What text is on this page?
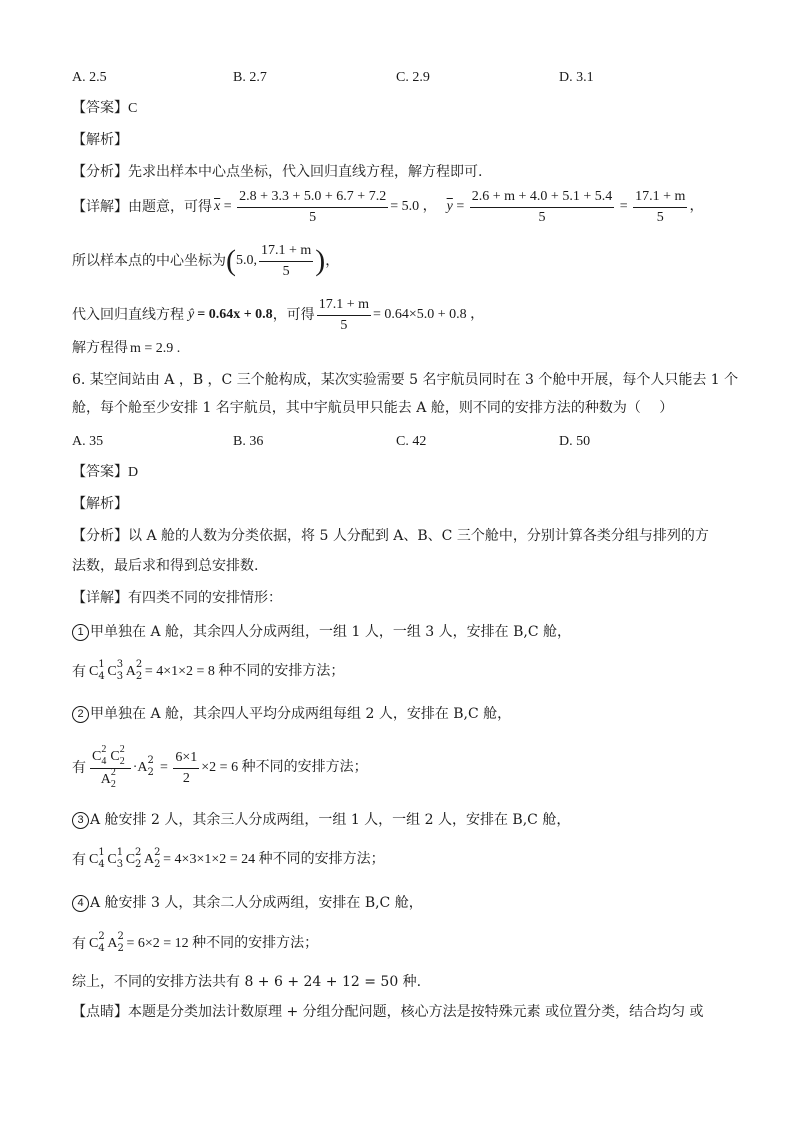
A. 2.5	B. 2.7	C. 2.9	D. 3.1
【答案】C
【解析】
【分析】先求出样本中心点坐标，代入回归直线方程，解方程即可.
【详解】 由题意，可得 $\overline{x} = \frac{2.8 + 3.3 + 5.0 + 6.7 + 7.2}{5} = 5.0$ ， $\overline{y} = \frac{2.6 + m + 4.0 + 5.1 + 5.4}{5} = \frac{17.1 + m}{5}$ ，
所以样本点的中心坐标为 ( 5.0, $\frac{17.1 + m}{5}$ ) ，
代入回归直线方程 ŷ = 0.64x + 0.8 ，可得 $\frac{17.1 + m}{5} = 0.64\times 5.0 + 0.8$ ，
解方程得 m = 2.9 .
6. 某空间站由 A ，B ，C 三个舱构成，某次实验需要 5 名宇航员同时在 3 个舱中开展，每个人只能去 1 个
舱，每个舱至少安排 1 名宇航员，其中宇航员甲只能去 A 舱，则不同的安排方法的种数为（　 ）
A. 35	B. 36	C. 42	D. 50
【答案】D
【解析】
【分析】以 A 舱的人数为分类依据，将 5 人分配到 A、B、C 三个舱中，分别计算各类分组与排列的方
法数，最后求和得到总安排数.
【详解】有四类不同的安排情形：
1 甲单独在 A 舱，其余四人分成两组，一组 1 人，一组 3 人，安排在 B,C 舱，
有 C 1
4 C 3
3 A 2
2 = 4×1×2 = 8 种不同的安排方法；
2 甲单独在 A 舱，其余四人平均分成两组每组 2 人，安排在 B,C 舱，
有 C 2
4 C 2
2
A 2
2 ·A 2
$2 = \frac{6\times 1}{2} \times 2 = 6$ 种不同的安排方法；
3 A 舱安排 2 人，其余三人分成两组，一组 1 人，一组 2 人，安排在 B,C 舱，
有 C 1
4 C 1
3 C 2
2 A 2
2 = 4×3×1×2 = 24 种不同的安排方法；
4 A 舱安排 3 人，其余二人分成两组，安排在 B,C 舱，
有 C 2
4 A 2
2 = 6×2 = 12 种不同的安排方法；
综上，不同的安排方法共有 8 + 6 + 24 + 12 = 50 种.
【点睛】本题是分类加法计数原理 + 分组分配问题，核心方法是按特殊元素 或位置分类，结合均匀 或
